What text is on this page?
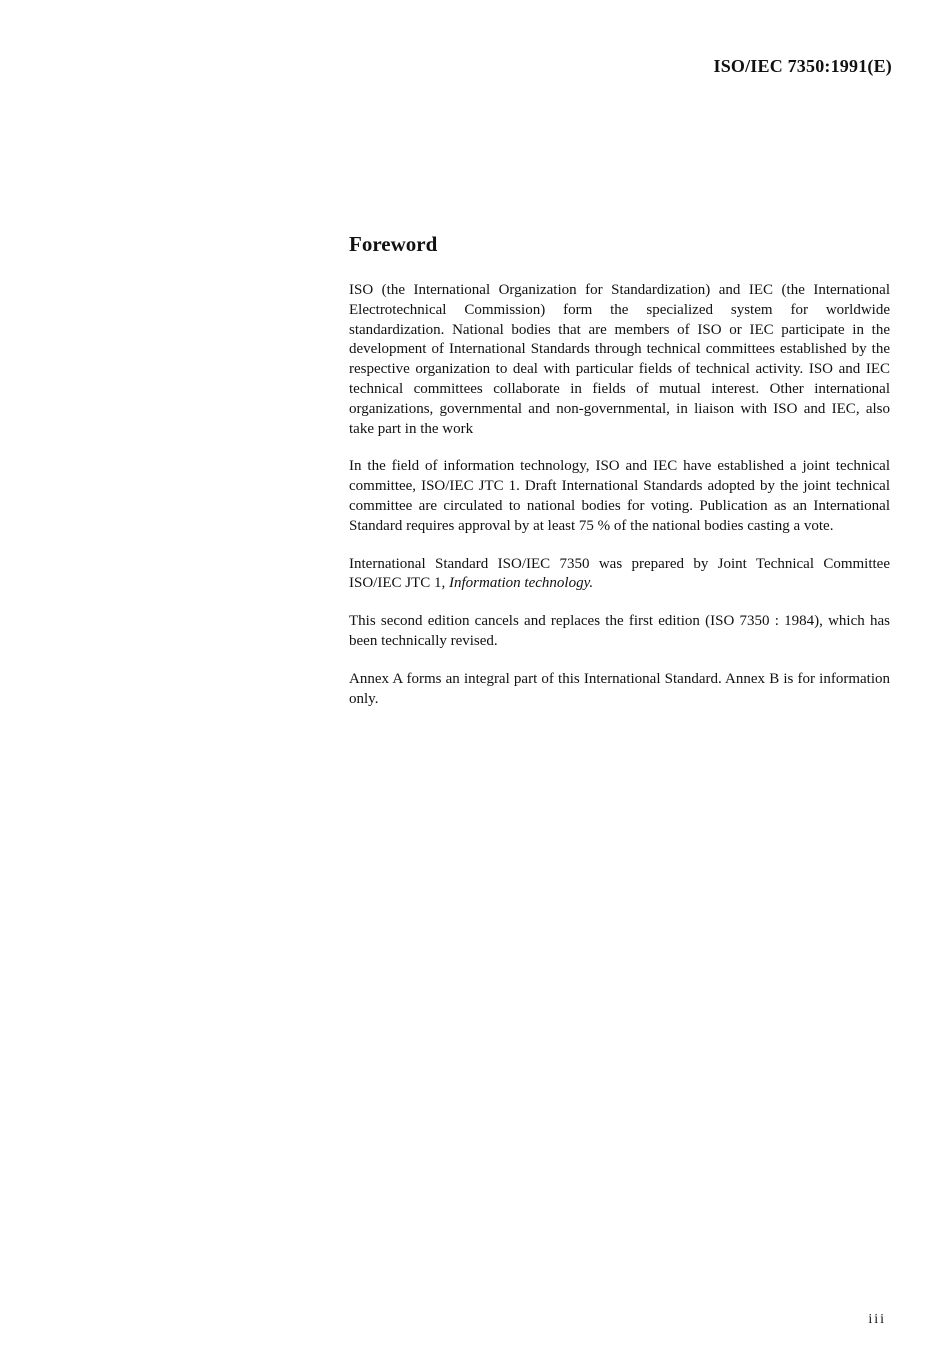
ISO/IEC 7350:1991(E)
Foreword

ISO (the International Organization for Standardization) and IEC (the International Electrotechnical Commission) form the specialized system for worldwide standardization. National bodies that are members of ISO or IEC participate in the development of International Standards through technical committees established by the respective organization to deal with particular fields of technical activity. ISO and IEC technical committees collaborate in fields of mutual interest. Other international organizations, governmental and non-governmental, in liaison with ISO and IEC, also take part in the work

In the field of information technology, ISO and IEC have established a joint technical committee, ISO/IEC JTC 1. Draft International Standards adopted by the joint technical committee are circulated to national bodies for voting. Publication as an International Standard requires approval by at least 75 % of the national bodies casting a vote.

International Standard ISO/IEC 7350 was prepared by Joint Technical Committee ISO/IEC JTC 1, Information technology.

This second edition cancels and replaces the first edition (ISO 7350 : 1984), which has been technically revised.

Annex A forms an integral part of this International Standard. Annex B is for information only.

iii
